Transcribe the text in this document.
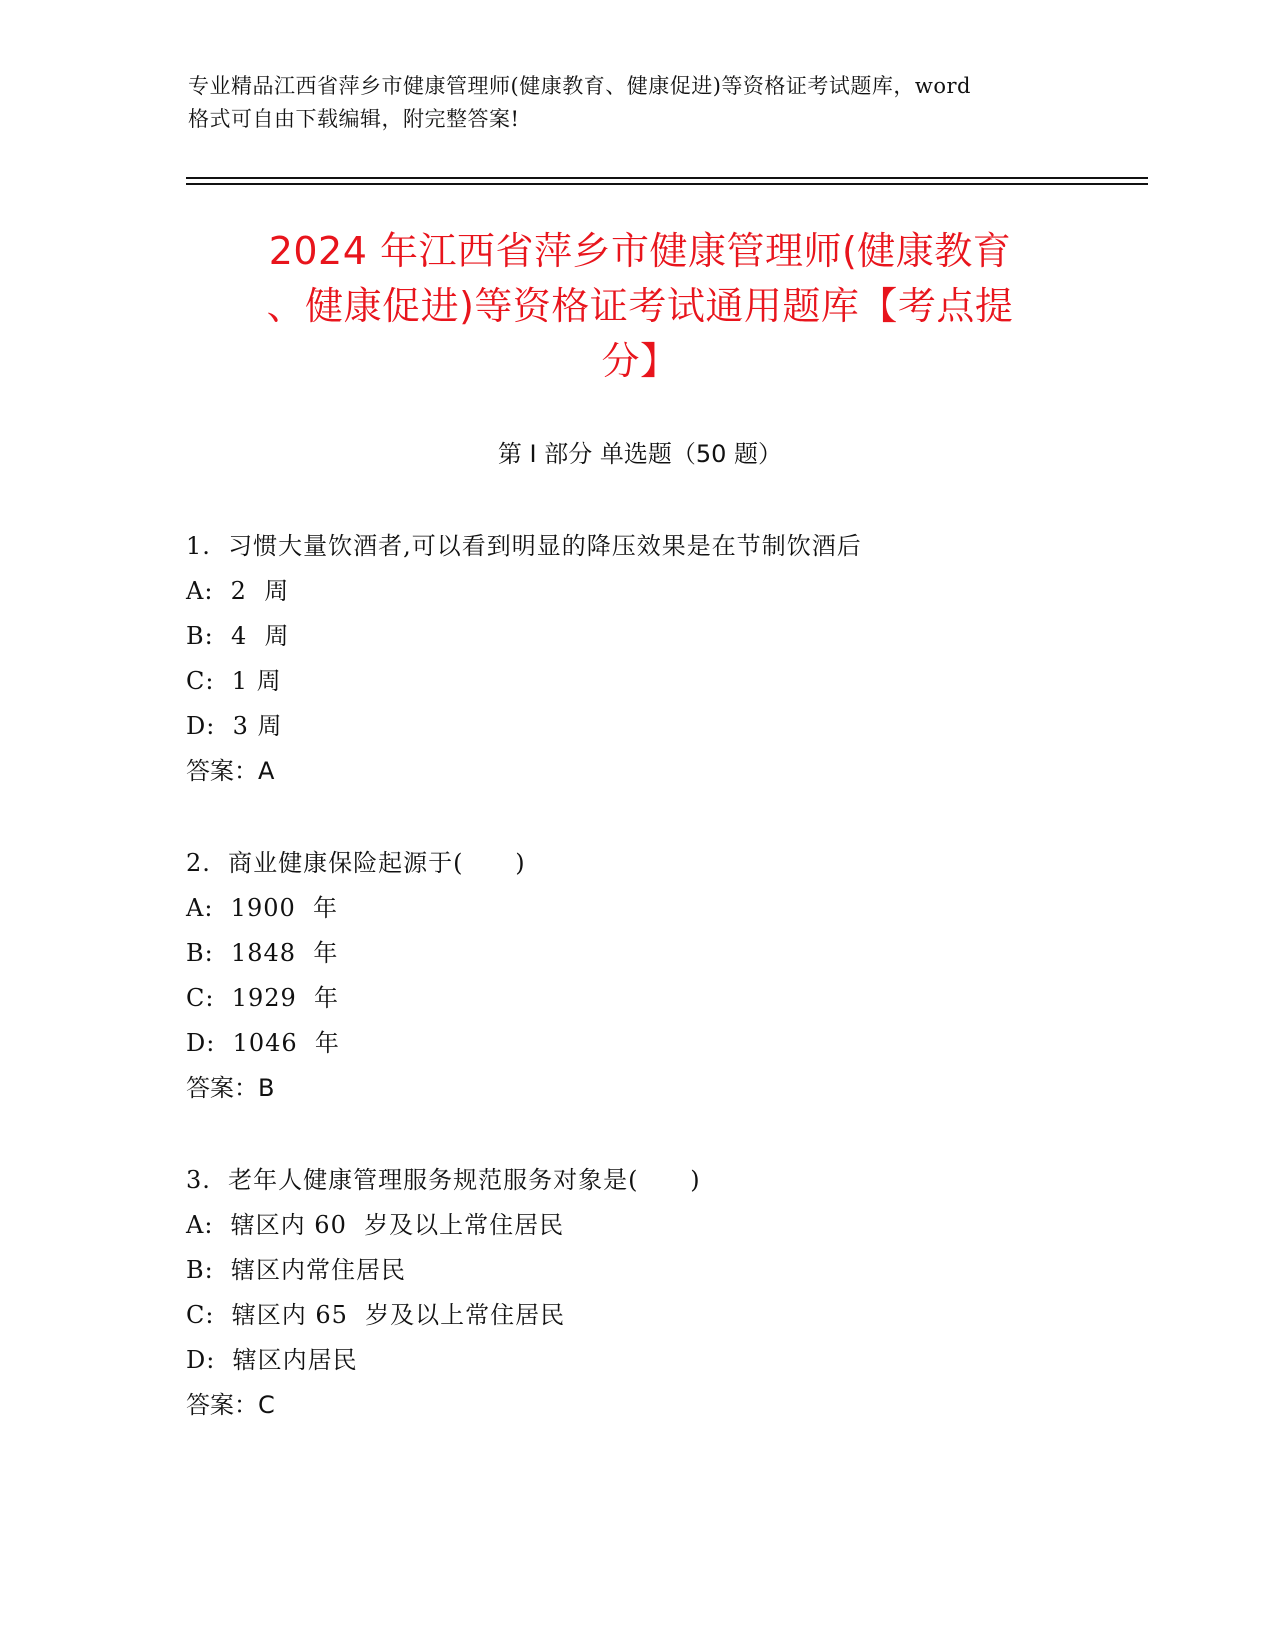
专业精品江西省萍乡市健康管理师(健康教育、健康促进)等资格证考试题库，word
格式可自由下载编辑，附完整答案!
2024 年江西省萍乡市健康管理师(健康教育
、健康促进)等资格证考试通用题库【考点提
分】
第 I 部分 单选题（50 题）
1.  习惯大量饮酒者,可以看到明显的降压效果是在节制饮酒后
A:  2  周
B:  4  周
C:  1 周
D:  3 周
答案：A
2.  商业健康保险起源于(      )
A:  1900  年
B:  1848  年
C:  1929  年
D:  1046  年
答案：B
3.  老年人健康管理服务规范服务对象是(      )
A:  辖区内 60  岁及以上常住居民
B:  辖区内常住居民
C:  辖区内 65  岁及以上常住居民
D:  辖区内居民
答案：C
